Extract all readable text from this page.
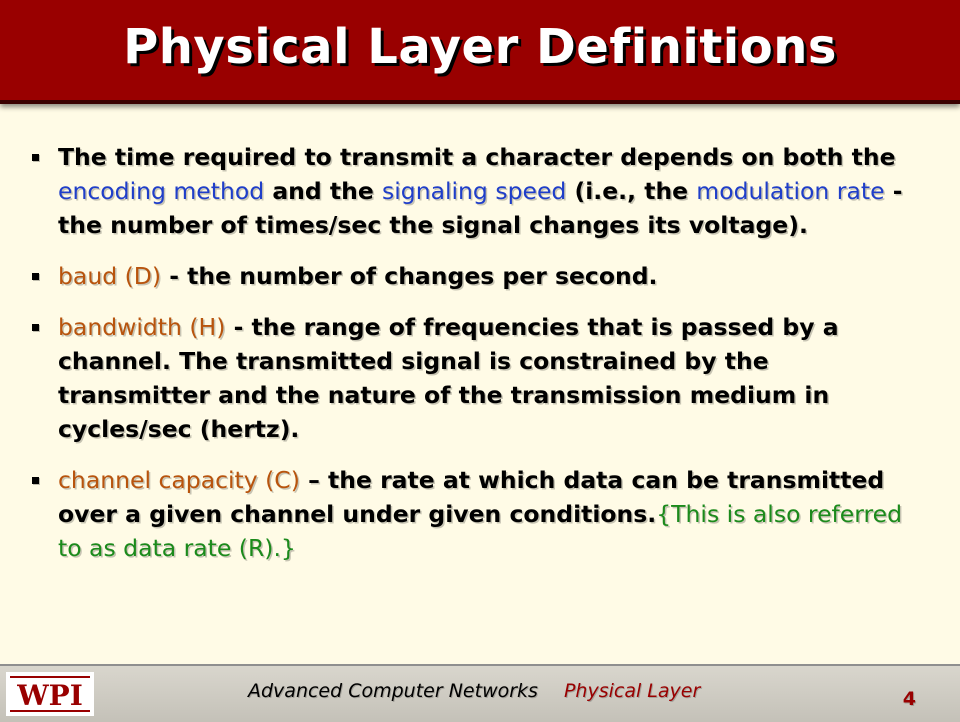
Physical Layer Definitions
The time required to transmit a character depends on both the encoding method and the signaling speed (i.e., the modulation rate - the number of times/sec the signal changes its voltage).
baud (D) - the number of changes per second.
bandwidth (H) - the range of frequencies that is passed by a channel. The transmitted signal is constrained by the transmitter and the nature of the transmission medium in cycles/sec (hertz).
channel capacity (C) – the rate at which data can be transmitted over a given channel under given conditions.{This is also referred to as data rate (R).}
WPI	Advanced Computer Networks Physical Layer	4
